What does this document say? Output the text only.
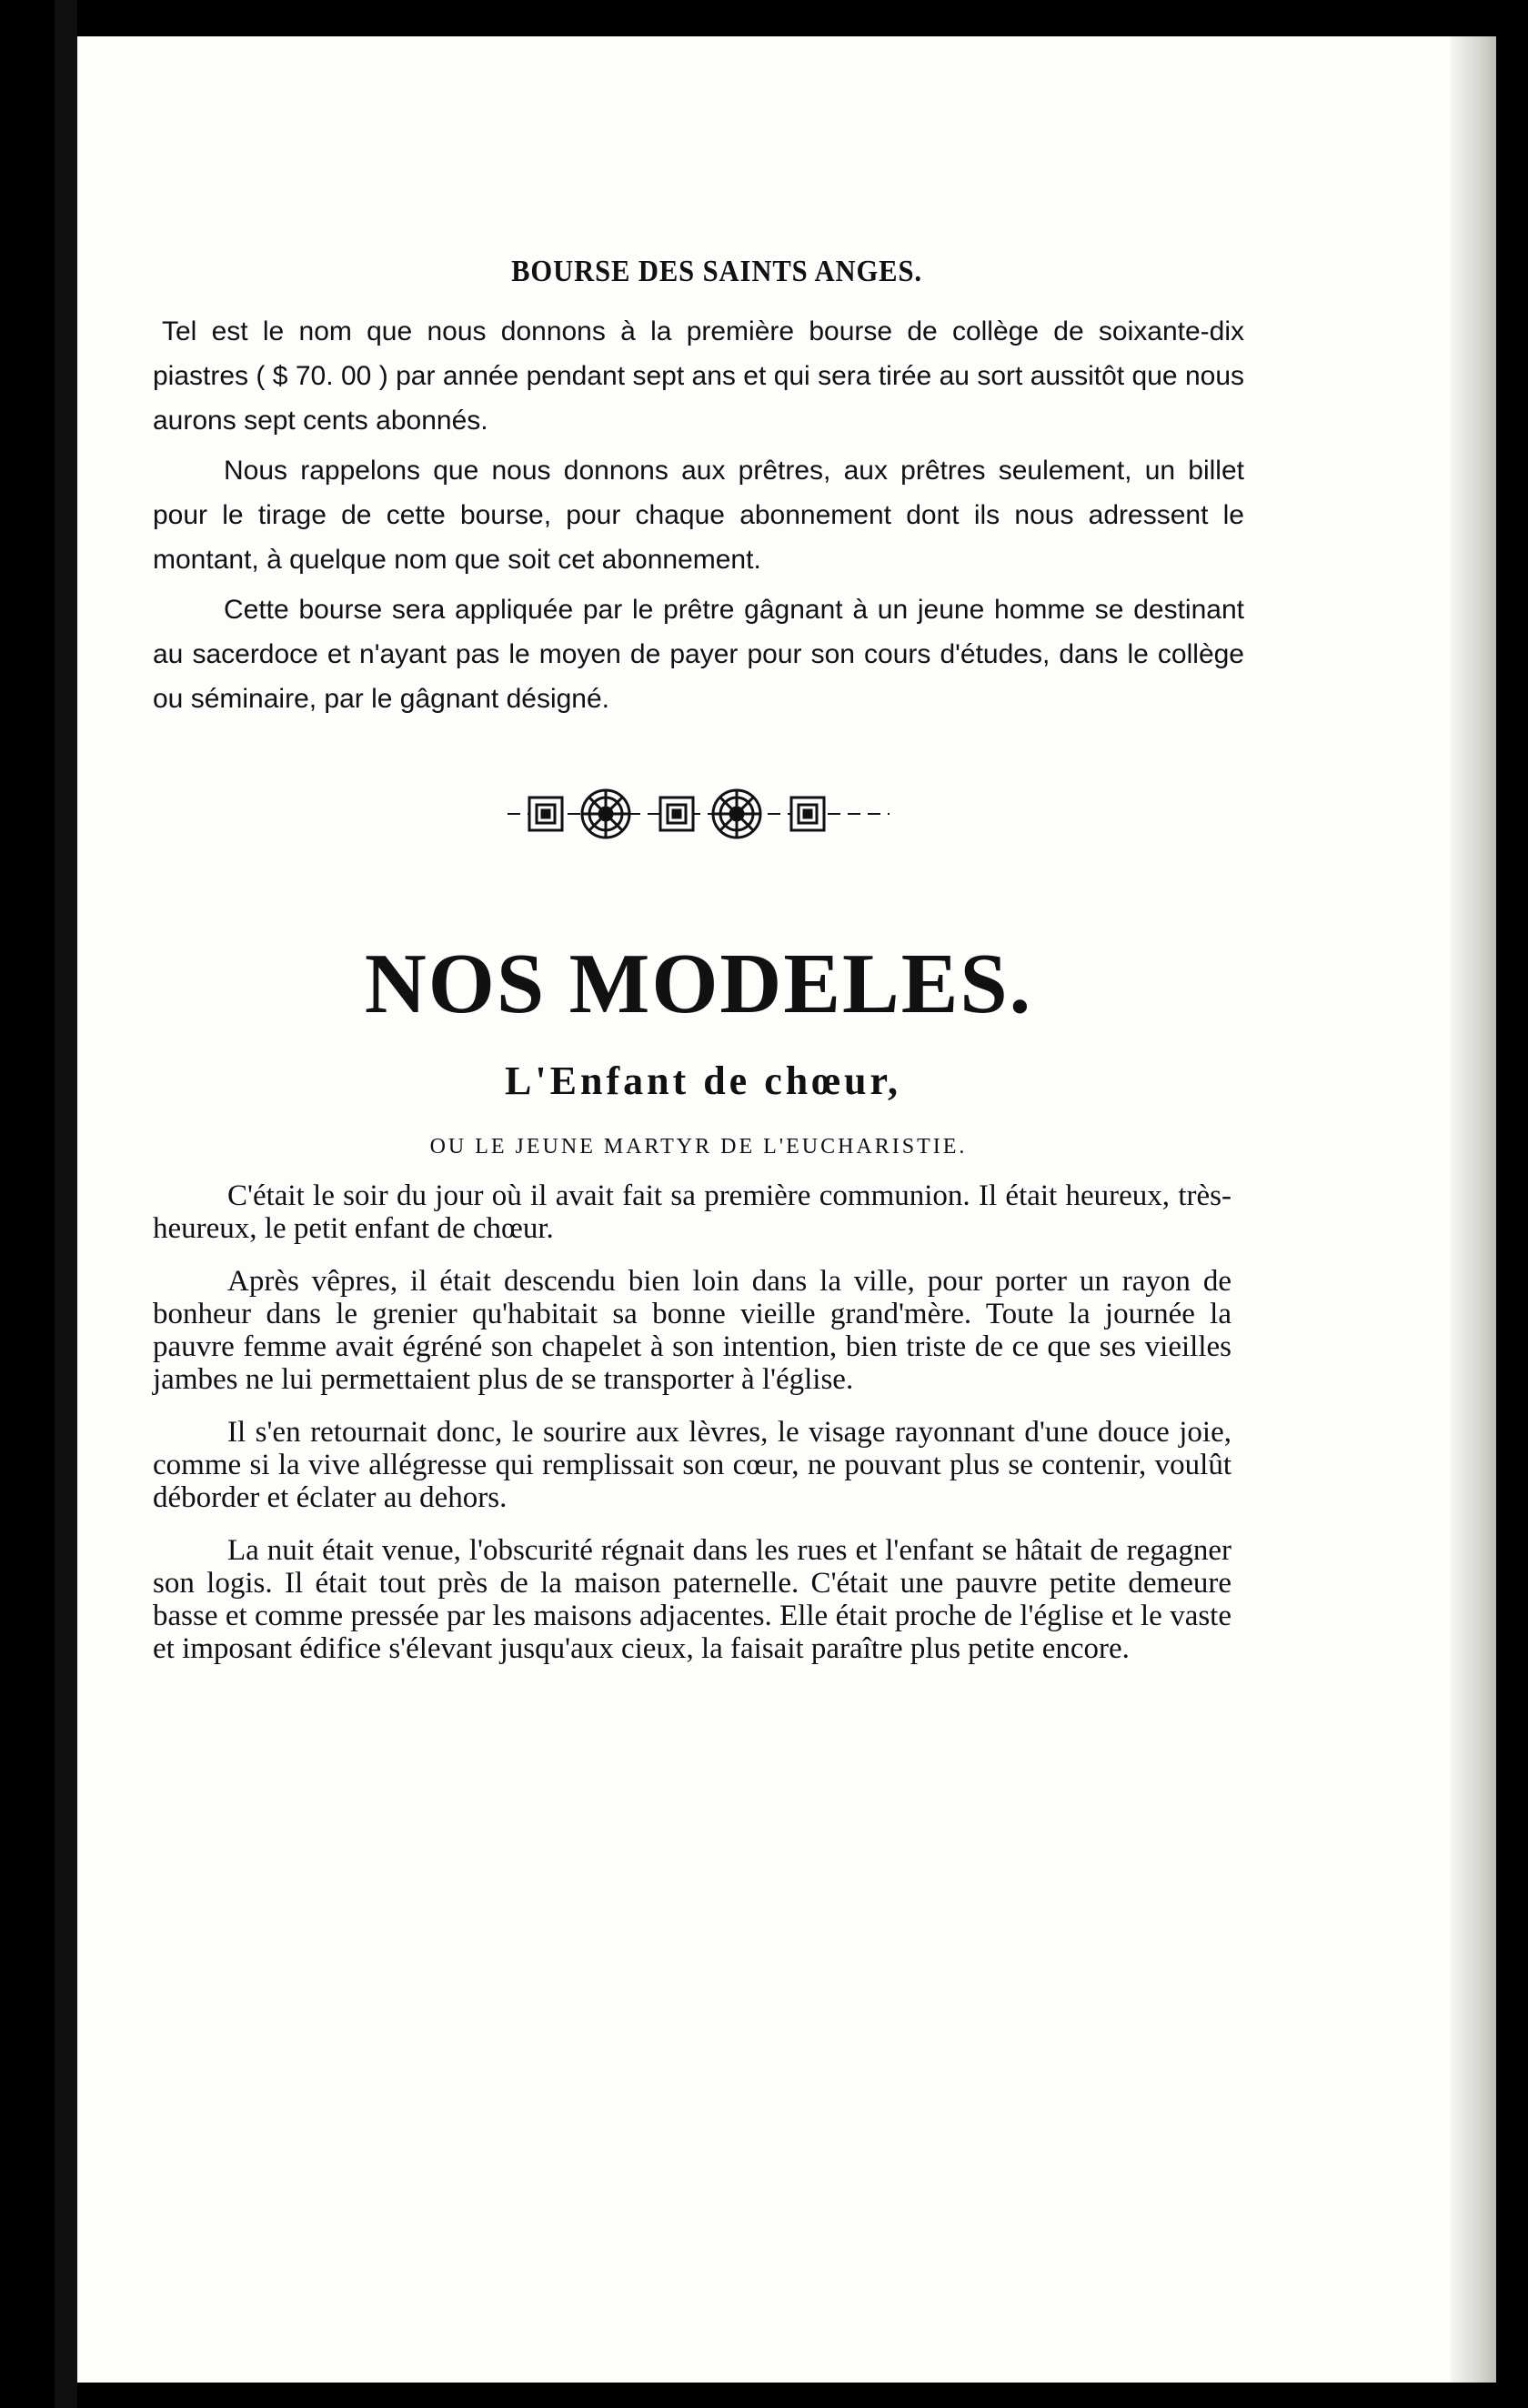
BOURSE DES SAINTS ANGES.

Tel est le nom que nous donnons à la première bourse de collège de soixante-dix piastres ( $ 70. 00 ) par année pendant sept ans et qui sera tirée au sort aussitôt que nous aurons sept cents abonnés.

Nous rappelons que nous donnons aux prêtres, aux prêtres seulement, un billet pour le tirage de cette bourse, pour chaque abonnement dont ils nous adressent le montant, à quelque nom que soit cet abonnement.

Cette bourse sera appliquée par le prêtre gâgnant à un jeune homme se destinant au sacerdoce et n'ayant pas le moyen de payer pour son cours d'études, dans le collège ou séminaire, par le gâgnant désigné.

NOS MODELES.
L'Enfant de chœur,
OU LE JEUNE MARTYR DE L'EUCHARISTIE.

C'était le soir du jour où il avait fait sa première communion. Il était heureux, très-heureux, le petit enfant de chœur.

Après vêpres, il était descendu bien loin dans la ville, pour porter un rayon de bonheur dans le grenier qu'habitait sa bonne vieille grand'mère. Toute la journée la pauvre femme avait égréné son chapelet à son intention, bien triste de ce que ses vieilles jambes ne lui permettaient plus de se transporter à l'église.

Il s'en retournait donc, le sourire aux lèvres, le visage rayonnant d'une douce joie, comme si la vive allégresse qui remplissait son cœur, ne pouvant plus se contenir, voulût déborder et éclater au dehors.

La nuit était venue, l'obscurité régnait dans les rues et l'enfant se hâtait de regagner son logis. Il était tout près de la maison paternelle. C'était une pauvre petite demeure basse et comme pressée par les maisons adjacentes. Elle était proche de l'église et le vaste et imposant édifice s'élevant jusqu'aux cieux, la faisait paraître plus petite encore.
